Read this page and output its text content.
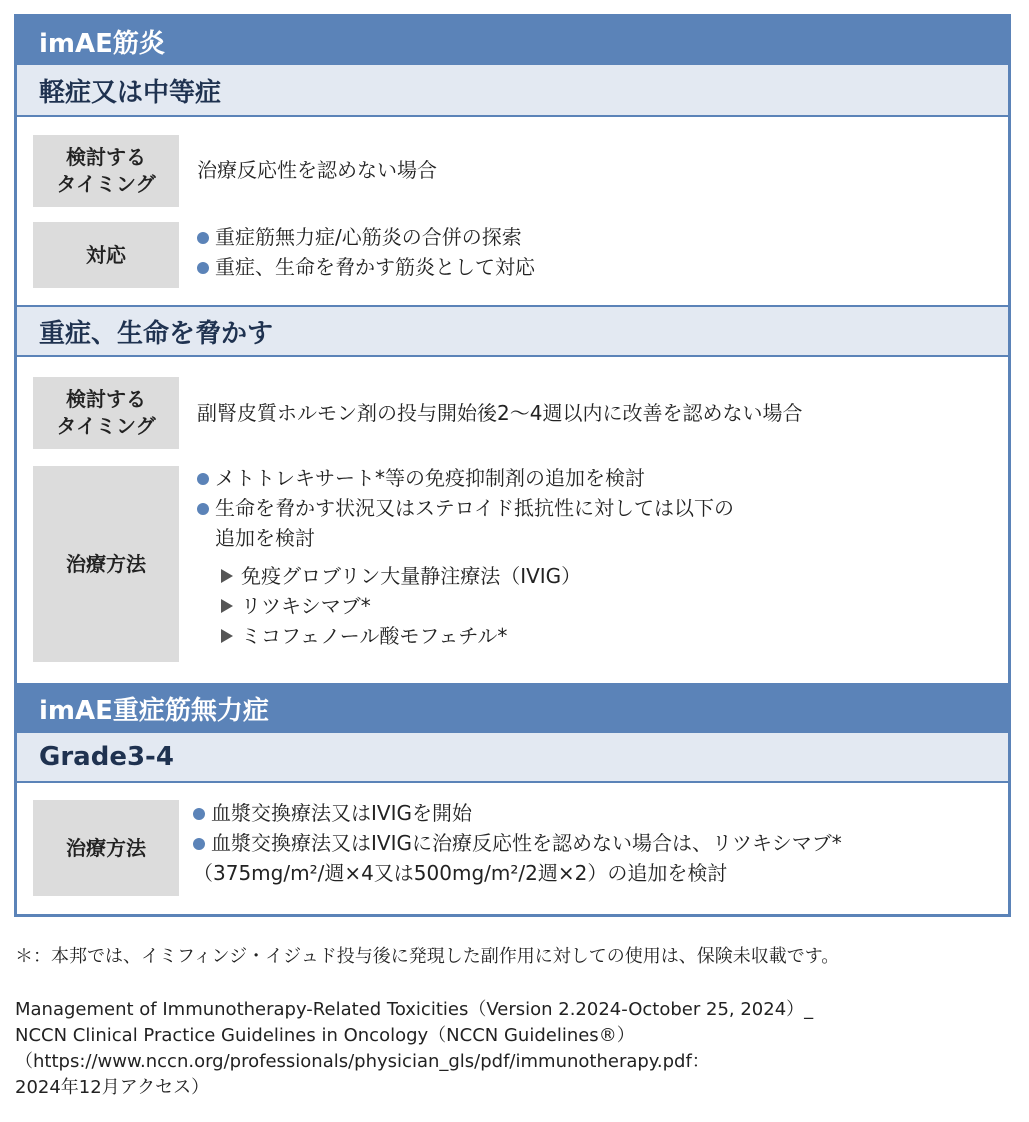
imAE筋炎
軽症又は中等症
検討する
タイミング
治療反応性を認めない場合
対応
重症筋無力症/心筋炎の合併の探索
重症、生命を脅かす筋炎として対応
重症、生命を脅かす
検討する
タイミング
副腎皮質ホルモン剤の投与開始後2〜4週以内に改善を認めない場合
治療方法
メトトレキサート*等の免疫抑制剤の追加を検討
生命を脅かす状況又はステロイド抵抗性に対しては以下の
追加を検討
免疫グロブリン大量静注療法（IVIG）
リツキシマブ*
ミコフェノール酸モフェチル*
imAE重症筋無力症
Grade3-4
治療方法
血漿交換療法又はIVIGを開始
血漿交換療法又はIVIGに治療反応性を認めない場合は、リツキシマブ*
（375mg/m²/週×4又は500mg/m²/2週×2）の追加を検討
＊：本邦では、イミフィンジ・イジュド投与後に発現した副作用に対しての使用は、保険未収載です。
Management of Immunotherapy-Related Toxicities（Version 2.2024-October 25, 2024）_
NCCN Clinical Practice Guidelines in Oncology（NCCN Guidelines®）
（https://www.nccn.org/professionals/physician_gls/pdf/immunotherapy.pdf：
2024年12月アクセス）
